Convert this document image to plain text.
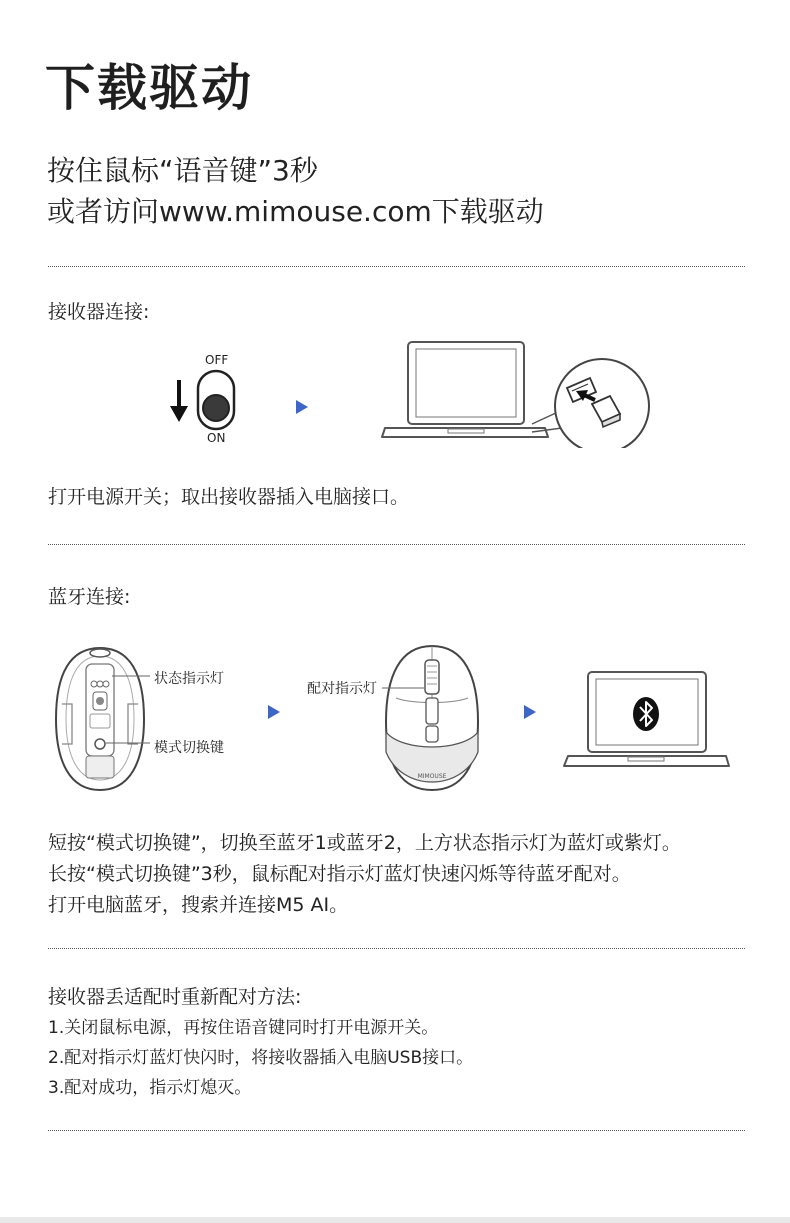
下载驱动
按住鼠标“语音键”3秒
或者访问www.mimouse.com下载驱动
接收器连接:
OFF
ON
打开电源开关；取出接收器插入电脑接口。
蓝牙连接:
状态指示灯
模式切换键
MIMOUSE
配对指示灯
短按“模式切换键”，切换至蓝牙1或蓝牙2，上方状态指示灯为蓝灯或紫灯。
长按“模式切换键”3秒，鼠标配对指示灯蓝灯快速闪烁等待蓝牙配对。
打开电脑蓝牙，搜索并连接M5 AI。
接收器丢适配时重新配对方法:
1.关闭鼠标电源，再按住语音键同时打开电源开关。
2.配对指示灯蓝灯快闪时，将接收器插入电脑USB接口。
3.配对成功，指示灯熄灭。
